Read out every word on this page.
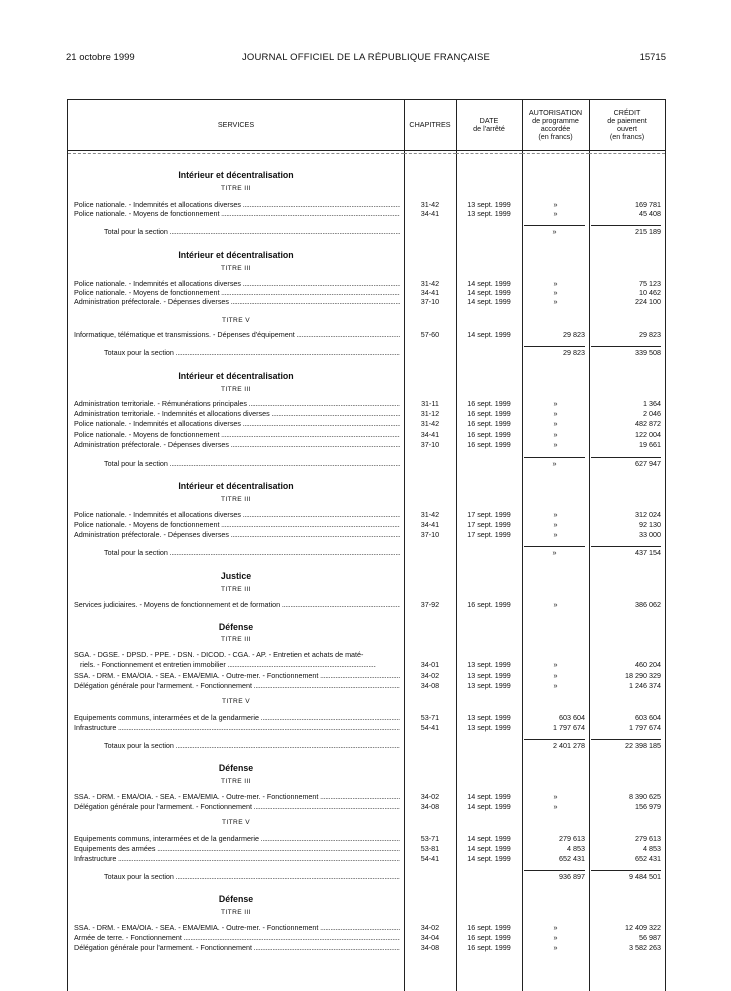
21 octobre 1999	JOURNAL OFFICIEL DE LA RÉPUBLIQUE FRANÇAISE	15715
SERVICES	CHAPITRES	DATE
de l'arrêté
AUTORISATION
de programme
accordée
(en francs)
CRÉDIT
de paiement
ouvert
(en francs)
Intérieur et décentralisation
TITRE III
Police nationale. - Indemnités et allocations diverses .....	31-42	13 sept. 1999	»	169 781
Police nationale. - Moyens de fonctionnement .....	34-41	13 sept. 1999	»	45 408
Total pour la section .....	»	215 189
Intérieur et décentralisation
TITRE III
Police nationale. - Indemnités et allocations diverses .....	31-42	14 sept. 1999	»	75 123
Police nationale. - Moyens de fonctionnement .....	34-41	14 sept. 1999	»	10 462
Administration préfectorale. - Dépenses diverses .....	37-10	14 sept. 1999	»	224 100
TITRE V
Informatique, télématique et transmissions. - Dépenses d'équipement .....	57-60	14 sept. 1999	29 823	29 823
Totaux pour la section .....	29 823	339 508
Intérieur et décentralisation
TITRE III
Administration territoriale. - Rémunérations principales .....	31-11	16 sept. 1999	»	1 364
Administration territoriale. - Indemnités et allocations diverses .....	31-12	16 sept. 1999	»	2 046
Police nationale. - Indemnités et allocations diverses .....	31-42	16 sept. 1999	»	482 872
Police nationale. - Moyens de fonctionnement .....	34-41	16 sept. 1999	»	122 004
Administration préfectorale. - Dépenses diverses .....	37-10	16 sept. 1999	»	19 661
Total pour la section .....	»	627 947
Intérieur et décentralisation
TITRE III
Police nationale. - Indemnités et allocations diverses .....	31-42	17 sept. 1999	»	312 024
Police nationale. - Moyens de fonctionnement .....	34-41	17 sept. 1999	»	92 130
Administration préfectorale. - Dépenses diverses .....	37-10	17 sept. 1999	»	33 000
Total pour la section .....	»	437 154
Justice
TITRE III
Services judiciaires. - Moyens de fonctionnement et de formation .....	37-92	16 sept. 1999	»	386 062
Défense
TITRE III
SGA. - DGSE. - DPSD. - PPE. - DSN. - DICOD. - CGA. - AP. - Entretien et achats de maté-
riels. - Fonctionnement et entretien immobilier .....	34-01	13 sept. 1999	»	460 204
SSA. - DRM. - EMA/OIA. - SEA. - EMA/EMIA. - Outre-mer. - Fonctionnement .....	34-02	13 sept. 1999	»	18 290 329
Délégation générale pour l'armement. - Fonctionnement .....	34-08	13 sept. 1999	»	1 246 374
TITRE V
Equipements communs, interarmées et de la gendarmerie .....	53-71	13 sept. 1999	603 604	603 604
Infrastructure .....	54-41	13 sept. 1999	1 797 674	1 797 674
Totaux pour la section .....	2 401 278	22 398 185
Défense
TITRE III
SSA. - DRM. - EMA/OIA. - SEA. - EMA/EMIA. - Outre-mer. - Fonctionnement .....	34-02	14 sept. 1999	»	8 390 625
Délégation générale pour l'armement. - Fonctionnement .....	34-08	14 sept. 1999	»	156 979
TITRE V
Equipements communs, interarmées et de la gendarmerie .....	53-71	14 sept. 1999	279 613	279 613
Equipements des armées .....	53-81	14 sept. 1999	4 853	4 853
Infrastructure .....	54-41	14 sept. 1999	652 431	652 431
Totaux pour la section .....	936 897	9 484 501
Défense
TITRE III
SSA. - DRM. - EMA/OIA. - SEA. - EMA/EMIA. - Outre-mer. - Fonctionnement .....	34-02	16 sept. 1999	»	12 409 322
Armée de terre. - Fonctionnement .....	34-04	16 sept. 1999	»	56 987
Délégation générale pour l'armement. - Fonctionnement .....	34-08	16 sept. 1999	»	3 582 263
